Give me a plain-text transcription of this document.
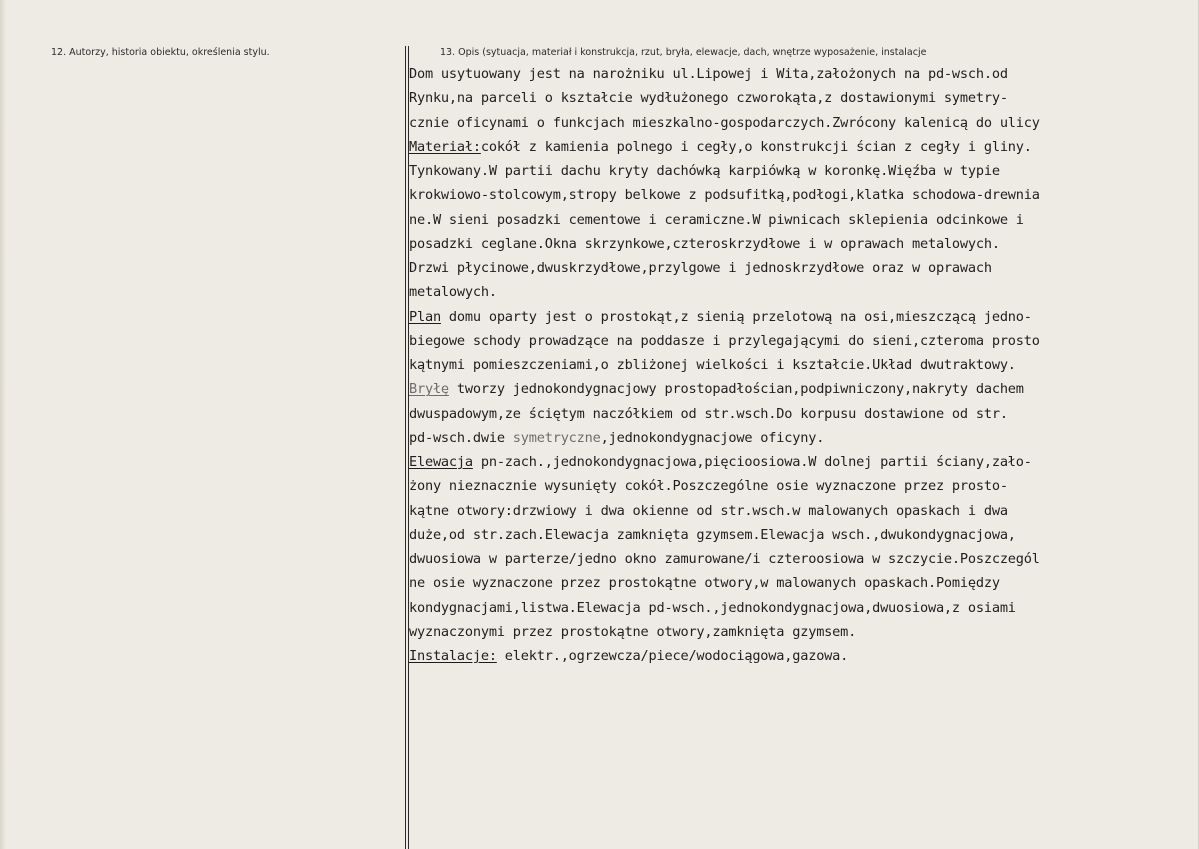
12. Autorzy, historia obiektu, określenia stylu.	13. Opis (sytuacja, materiał i konstrukcja, rzut, bryła, elewacje, dach, wnętrze wyposażenie, instalacje
Dom usytuowany jest na narożniku ul.Lipowej i Wita,założonych na pd-wsch.od
Rynku,na parceli o kształcie wydłużonego czworokąta,z dostawionymi symetry-
cznie oficynami o funkcjach mieszkalno-gospodarczych.Zwrócony kalenicą do ulicy
Materiał:cokół z kamienia polnego i cegły,o konstrukcji ścian z cegły i gliny.
Tynkowany.W partii dachu kryty dachówką karpiówką w koronkę.Więźba w typie
krokwiowo-stolcowym,stropy belkowe z podsufitką,podłogi,klatka schodowa-drewnia
ne.W sieni posadzki cementowe i ceramiczne.W piwnicach sklepienia odcinkowe i
posadzki ceglane.Okna skrzynkowe,czteroskrzydłowe i w oprawach metalowych.
Drzwi płycinowe,dwuskrzydłowe,przylgowe i jednoskrzydłowe oraz w oprawach
metalowych.
Plan domu oparty jest o prostokąt,z sienią przelotową na osi,mieszczącą jedno-
biegowe schody prowadzące na poddasze i przylegającymi do sieni,czteroma prosto
kątnymi pomieszczeniami,o zbliżonej wielkości i kształcie.Układ dwutraktowy.
Bryłę tworzy jednokondygnacjowy prostopadłościan,podpiwniczony,nakryty dachem
dwuspadowym,ze ściętym naczółkiem od str.wsch.Do korpusu dostawione od str.
pd-wsch.dwie symetryczne,jednokondygnacjowe oficyny.
Elewacja pn-zach.,jednokondygnacjowa,pięcioosiowa.W dolnej partii ściany,zało-
żony nieznacznie wysunięty cokół.Poszczególne osie wyznaczone przez prosto-
kątne otwory:drzwiowy i dwa okienne od str.wsch.w malowanych opaskach i dwa
duże,od str.zach.Elewacja zamknięta gzymsem.Elewacja wsch.,dwukondygnacjowa,
dwuosiowa w parterze/jedno okno zamurowane/i czteroosiowa w szczycie.Poszczegól
ne osie wyznaczone przez prostokątne otwory,w malowanych opaskach.Pomiędzy
kondygnacjami,listwa.Elewacja pd-wsch.,jednokondygnacjowa,dwuosiowa,z osiami
wyznaczonymi przez prostokątne otwory,zamknięta gzymsem.
Instalacje: elektr.,ogrzewcza/piece/wodociągowa,gazowa.
